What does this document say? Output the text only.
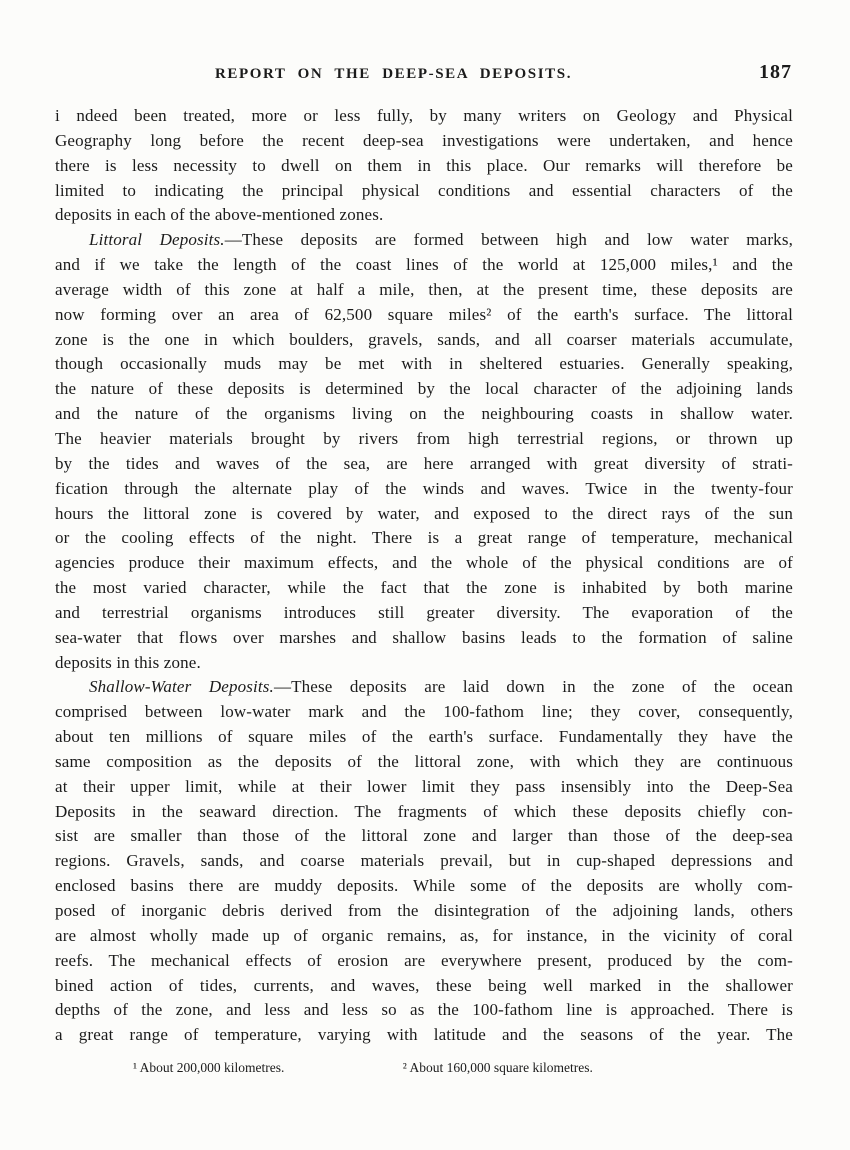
REPORT ON THE DEEP-SEA DEPOSITS.	187
i ndeed been treated, more or less fully, by many writers on Geology and Physical
Geography long before the recent deep-sea investigations were undertaken, and hence
there is less necessity to dwell on them in this place. Our remarks will therefore be
limited to indicating the principal physical conditions and essential characters of the
deposits in each of the above-mentioned zones.
Littoral Deposits.—These deposits are formed between high and low water marks,
and if we take the length of the coast lines of the world at 125,000 miles,¹ and the
average width of this zone at half a mile, then, at the present time, these deposits are
now forming over an area of 62,500 square miles² of the earth's surface. The littoral
zone is the one in which boulders, gravels, sands, and all coarser materials accumulate,
though occasionally muds may be met with in sheltered estuaries. Generally speaking,
the nature of these deposits is determined by the local character of the adjoining lands
and the nature of the organisms living on the neighbouring coasts in shallow water.
The heavier materials brought by rivers from high terrestrial regions, or thrown up
by the tides and waves of the sea, are here arranged with great diversity of strati-
fication through the alternate play of the winds and waves. Twice in the twenty-four
hours the littoral zone is covered by water, and exposed to the direct rays of the sun
or the cooling effects of the night. There is a great range of temperature, mechanical
agencies produce their maximum effects, and the whole of the physical conditions are of
the most varied character, while the fact that the zone is inhabited by both marine
and terrestrial organisms introduces still greater diversity. The evaporation of the
sea-water that flows over marshes and shallow basins leads to the formation of saline
deposits in this zone.
Shallow-Water Deposits.—These deposits are laid down in the zone of the ocean
comprised between low-water mark and the 100-fathom line; they cover, consequently,
about ten millions of square miles of the earth's surface. Fundamentally they have the
same composition as the deposits of the littoral zone, with which they are continuous
at their upper limit, while at their lower limit they pass insensibly into the Deep-Sea
Deposits in the seaward direction. The fragments of which these deposits chiefly con-
sist are smaller than those of the littoral zone and larger than those of the deep-sea
regions. Gravels, sands, and coarse materials prevail, but in cup-shaped depressions and
enclosed basins there are muddy deposits. While some of the deposits are wholly com-
posed of inorganic debris derived from the disintegration of the adjoining lands, others
are almost wholly made up of organic remains, as, for instance, in the vicinity of coral
reefs. The mechanical effects of erosion are everywhere present, produced by the com-
bined action of tides, currents, and waves, these being well marked in the shallower
depths of the zone, and less and less so as the 100-fathom line is approached. There is
a great range of temperature, varying with latitude and the seasons of the year. The
¹ About 200,000 kilometres.	² About 160,000 square kilometres.
